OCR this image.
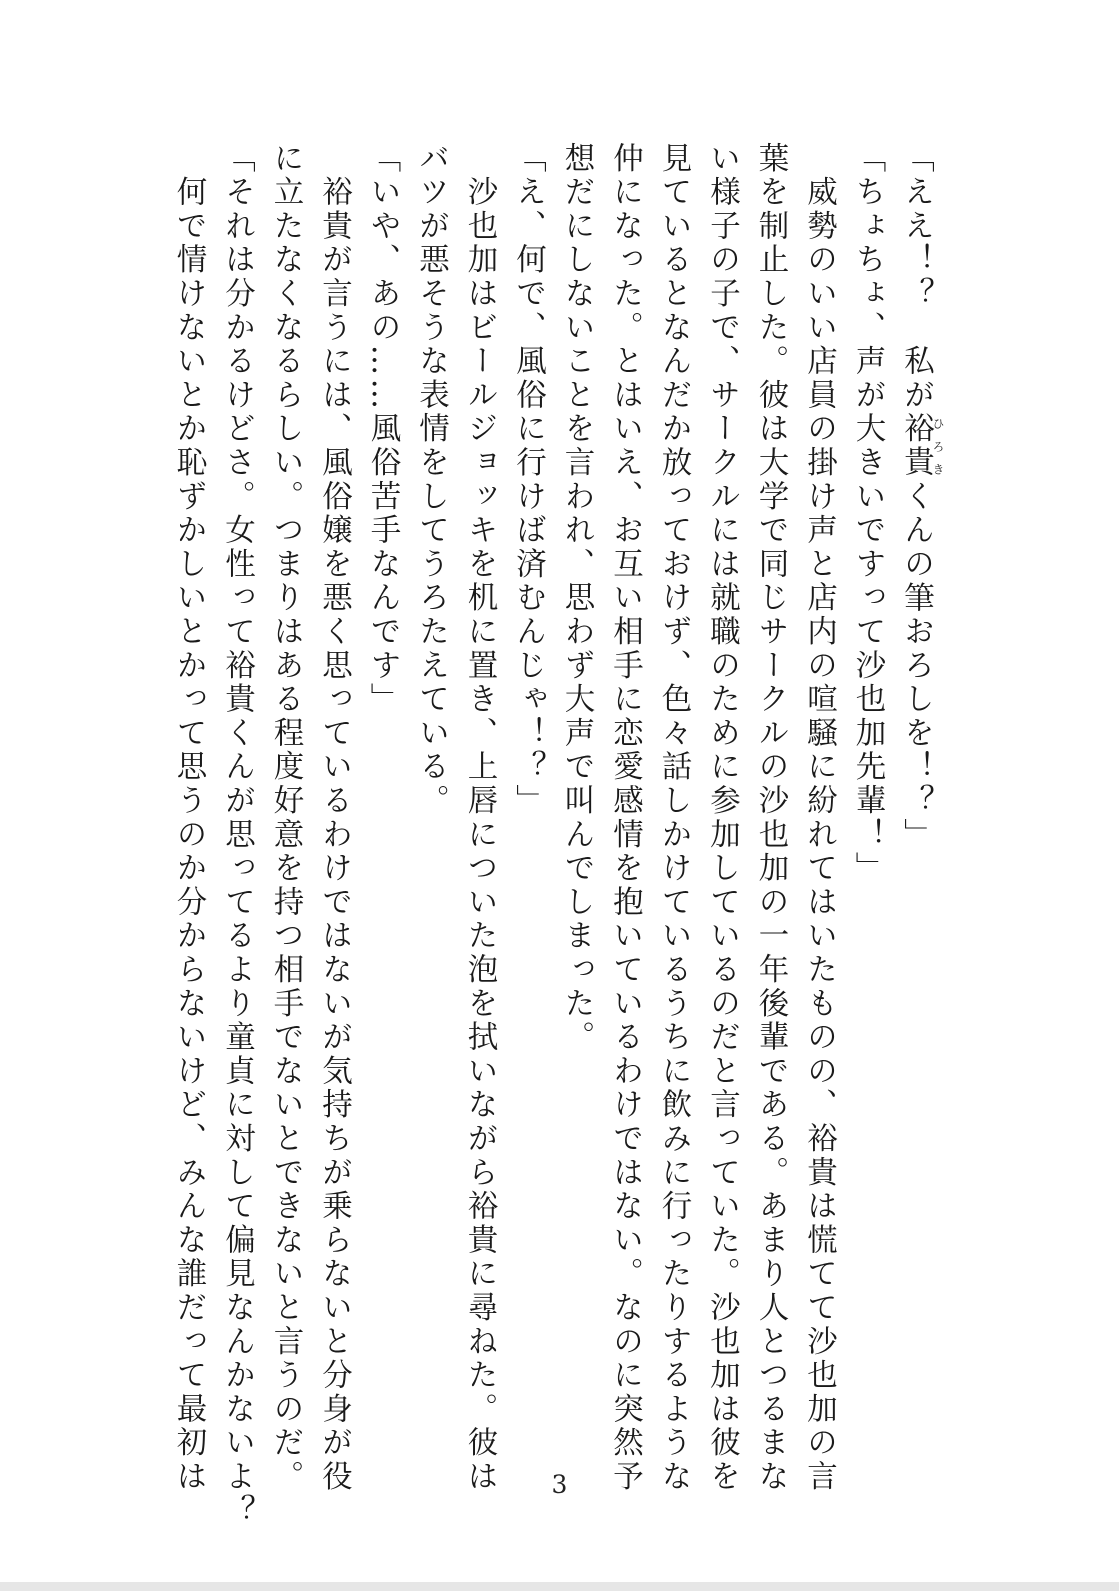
「ええ！？　私が裕貴ひろきくんの筆おろしを！？」
「ちょちょ、声が大きいですって沙也加先輩！」
　威勢のいい店員の掛け声と店内の喧騒に紛れてはいたものの、裕貴は慌てて沙也加の言
葉を制止した。彼は大学で同じサークルの沙也加の一年後輩である。あまり人とつるまな
い様子の子で、サークルには就職のために参加しているのだと言っていた。沙也加は彼を
見ているとなんだか放っておけず、色々話しかけているうちに飲みに行ったりするような
仲になった。とはいえ、お互い相手に恋愛感情を抱いているわけではない。なのに突然予
想だにしないことを言われ、思わず大声で叫んでしまった。
「え、何で、風俗に行けば済むんじゃ！？」
　沙也加はビールジョッキを机に置き、上唇についた泡を拭いながら裕貴に尋ねた。彼は
バツが悪そうな表情をしてうろたえている。
「いや、あの……風俗苦手なんです」
　裕貴が言うには、風俗嬢を悪く思っているわけではないが気持ちが乗らないと分身が役
に立たなくなるらしい。つまりはある程度好意を持つ相手でないとできないと言うのだ。
「それは分かるけどさ。女性って裕貴くんが思ってるより童貞に対して偏見なんかないよ？
　何で情けないとか恥ずかしいとかって思うのか分からないけど、みんな誰だって最初は	3
